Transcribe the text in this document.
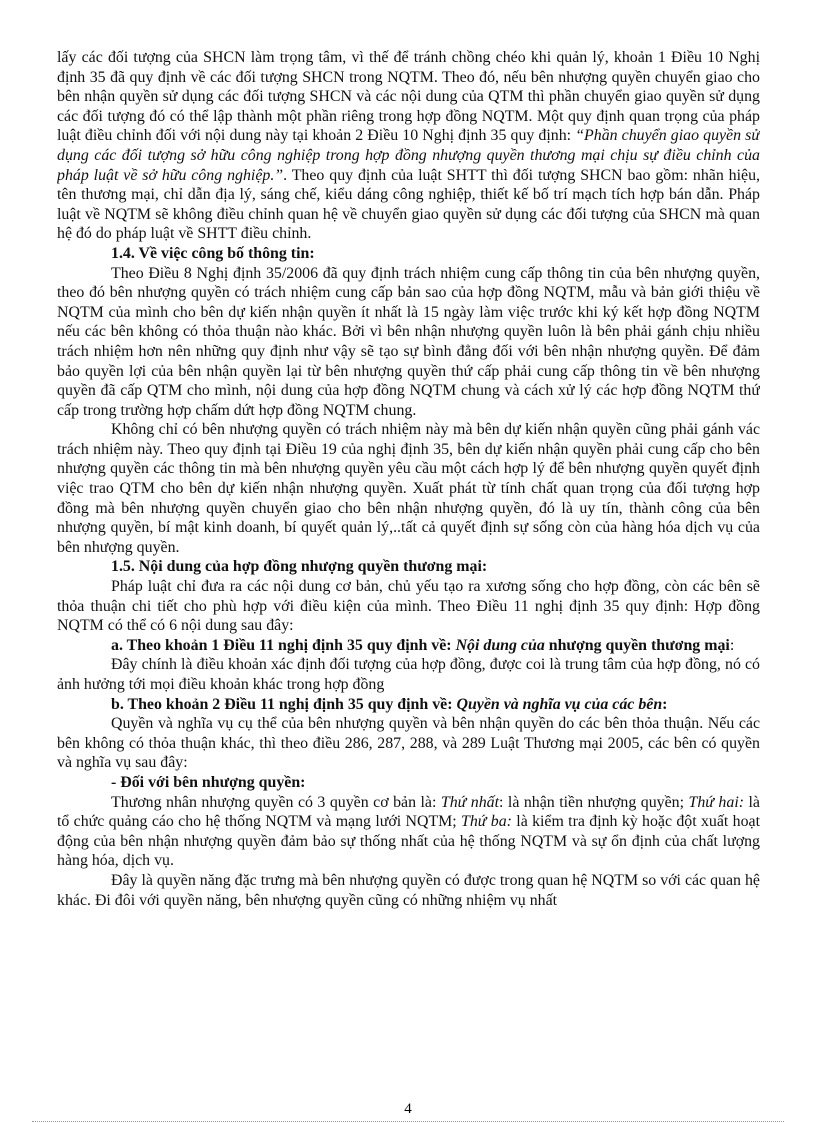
lấy các đối tượng của SHCN làm trọng tâm, vì thế để tránh chồng chéo khi quản lý, khoản 1 Điều 10 Nghị định 35 đã quy định về các đối tượng SHCN trong NQTM. Theo đó, nếu bên nhượng quyền chuyển giao cho bên nhận quyền sử dụng các đối tượng SHCN và các nội dung của QTM thì phần chuyển giao quyền sử dụng các đối tượng đó có thể lập thành một phần riêng trong hợp đồng NQTM. Một quy định quan trọng của pháp luật điều chỉnh đối với nội dung này tại khoản 2 Điều 10 Nghị định 35 quy định: “Phần chuyển giao quyền sử dụng các đối tượng sở hữu công nghiệp trong hợp đồng nhượng quyền thương mại chịu sự điều chỉnh của pháp luật về sở hữu công nghiệp.”. Theo quy định của luật SHTT thì đối tượng SHCN bao gồm: nhãn hiệu, tên thương mại, chỉ dẫn địa lý, sáng chế, kiểu dáng công nghiệp, thiết kế bố trí mạch tích hợp bán dẫn. Pháp luật về NQTM sẽ không điều chỉnh quan hệ về chuyển giao quyền sử dụng các đối tượng của SHCN mà quan hệ đó do pháp luật về SHTT điều chỉnh.

1.4. Về việc công bố thông tin:

Theo Điều 8 Nghị định 35/2006 đã quy định trách nhiệm cung cấp thông tin của bên nhượng quyền, theo đó bên nhượng quyền có trách nhiệm cung cấp bản sao của hợp đồng NQTM, mẫu và bản giới thiệu về NQTM của mình cho bên dự kiến nhận quyền ít nhất là 15 ngày làm việc trước khi ký kết hợp đồng NQTM nếu các bên không có thỏa thuận nào khác. Bởi vì bên nhận nhượng quyền luôn là bên phải gánh chịu nhiều trách nhiệm hơn nên những quy định như vậy sẽ tạo sự bình đẳng đối với bên nhận nhượng quyền. Để đảm bảo quyền lợi của bên nhận quyền lại từ bên nhượng quyền thứ cấp phải cung cấp thông tin về bên nhượng quyền đã cấp QTM cho mình, nội dung của hợp đồng NQTM chung và cách xử lý các hợp đồng NQTM thứ cấp trong trường hợp chấm dứt hợp đồng NQTM chung.

Không chỉ có bên nhượng quyền có trách nhiệm này mà bên dự kiến nhận quyền cũng phải gánh vác trách nhiệm này. Theo quy định tại Điều 19 của nghị định 35, bên dự kiến nhận quyền phải cung cấp cho bên nhượng quyền các thông tin mà bên nhượng quyền yêu cầu một cách hợp lý để bên nhượng quyền quyết định việc trao QTM cho bên dự kiến nhận nhượng quyền. Xuất phát từ tính chất quan trọng của đối tượng hợp đồng mà bên nhượng quyền chuyển giao cho bên nhận nhượng quyền, đó là uy tín, thành công của bên nhượng quyền, bí mật kinh doanh, bí quyết quản lý,..tất cả quyết định sự sống còn của hàng hóa dịch vụ của bên nhượng quyền.

1.5. Nội dung của hợp đồng nhượng quyền thương mại:

Pháp luật chỉ đưa ra các nội dung cơ bản, chủ yếu tạo ra xương sống cho hợp đồng, còn các bên sẽ thỏa thuận chi tiết cho phù hợp với điều kiện của mình. Theo Điều 11 nghị định 35 quy định: Hợp đồng NQTM có thể có 6 nội dung sau đây:

a. Theo khoản 1 Điều 11 nghị định 35 quy định về: Nội dung của nhượng quyền thương mại:

Đây chính là điều khoản xác định đối tượng của hợp đồng, được coi là trung tâm của hợp đồng, nó có ảnh hưởng tới mọi điều khoản khác trong hợp đồng

b. Theo khoản 2 Điều 11 nghị định 35 quy định về: Quyền và nghĩa vụ của các bên:

Quyền và nghĩa vụ cụ thể của bên nhượng quyền và bên nhận quyền do các bên thỏa thuận. Nếu các bên không có thỏa thuận khác, thì theo điều 286, 287, 288, và 289 Luật Thương mại 2005, các bên có quyền và nghĩa vụ sau đây:

- Đối với bên nhượng quyền:

Thương nhân nhượng quyền có 3 quyền cơ bản là: Thứ nhất: là nhận tiền nhượng quyền; Thứ hai: là tổ chức quảng cáo cho hệ thống NQTM và mạng lưới NQTM; Thứ ba: là kiểm tra định kỳ hoặc đột xuất hoạt động của bên nhận nhượng quyền đảm bảo sự thống nhất của hệ thống NQTM và sự ổn định của chất lượng hàng hóa, dịch vụ.

Đây là quyền năng đặc trưng mà bên nhượng quyền có được trong quan hệ NQTM so với các quan hệ khác. Đi đôi với quyền năng, bên nhượng quyền cũng có những nhiệm vụ nhất

4
